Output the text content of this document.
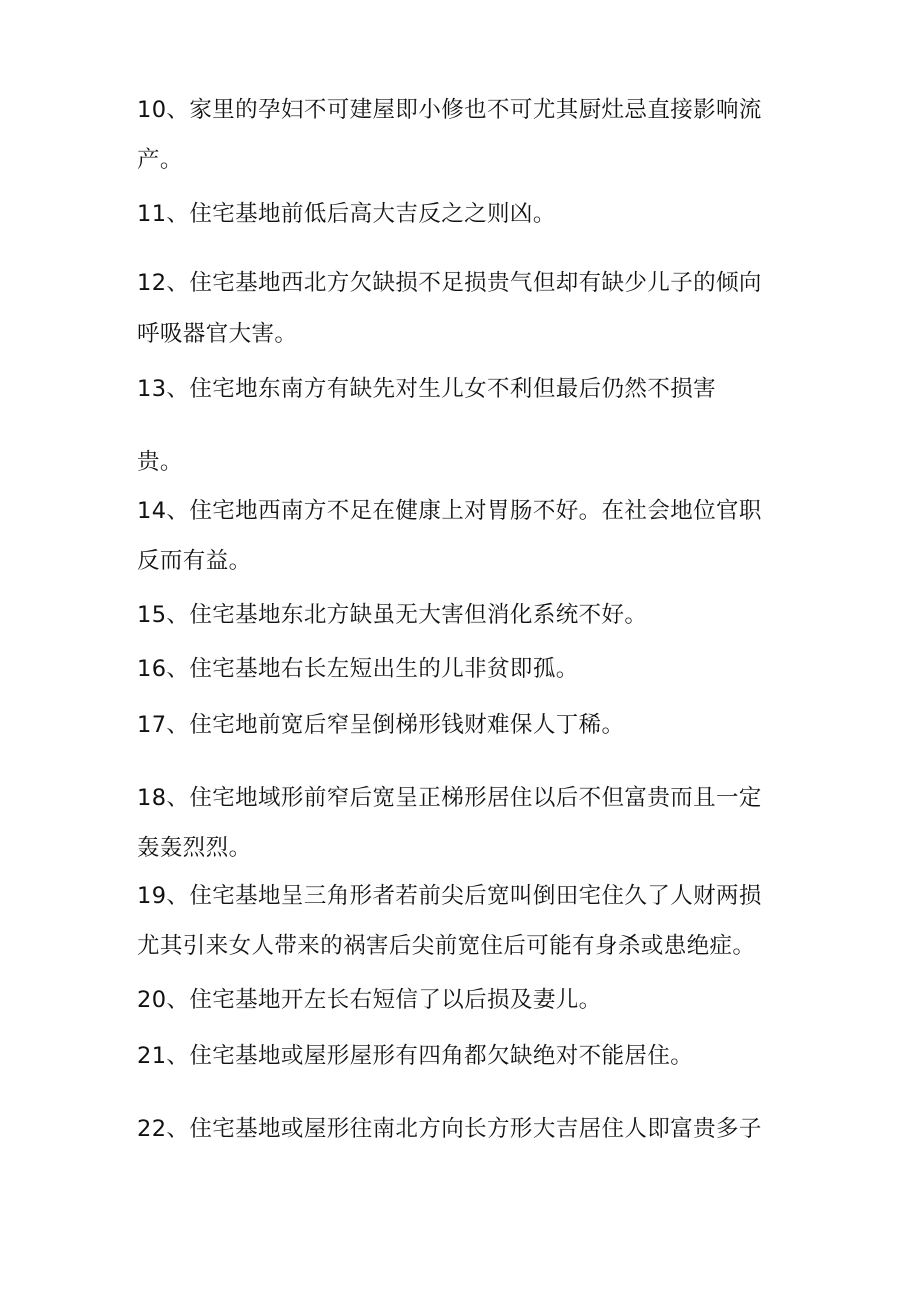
10、家里的孕妇不可建屋即小修也不可尤其厨灶忌直接影响流
产。
11、住宅基地前低后高大吉反之之则凶。
12、住宅基地西北方欠缺损不足损贵气但却有缺少儿子的倾向
呼吸器官大害。
13、住宅地东南方有缺先对生儿女不利但最后仍然不损害
贵。
14、住宅地西南方不足在健康上对胃肠不好。在社会地位官职
反而有益。
15、住宅基地东北方缺虽无大害但消化系统不好。
16、住宅基地右长左短出生的儿非贫即孤。
17、住宅地前宽后窄呈倒梯形钱财难保人丁稀。
18、住宅地域形前窄后宽呈正梯形居住以后不但富贵而且一定
轰轰烈烈。
19、住宅基地呈三角形者若前尖后宽叫倒田宅住久了人财两损
尤其引来女人带来的祸害后尖前宽住后可能有身杀或患绝症。
20、住宅基地开左长右短信了以后损及妻儿。
21、住宅基地或屋形屋形有四角都欠缺绝对不能居住。
22、住宅基地或屋形往南北方向长方形大吉居住人即富贵多子
